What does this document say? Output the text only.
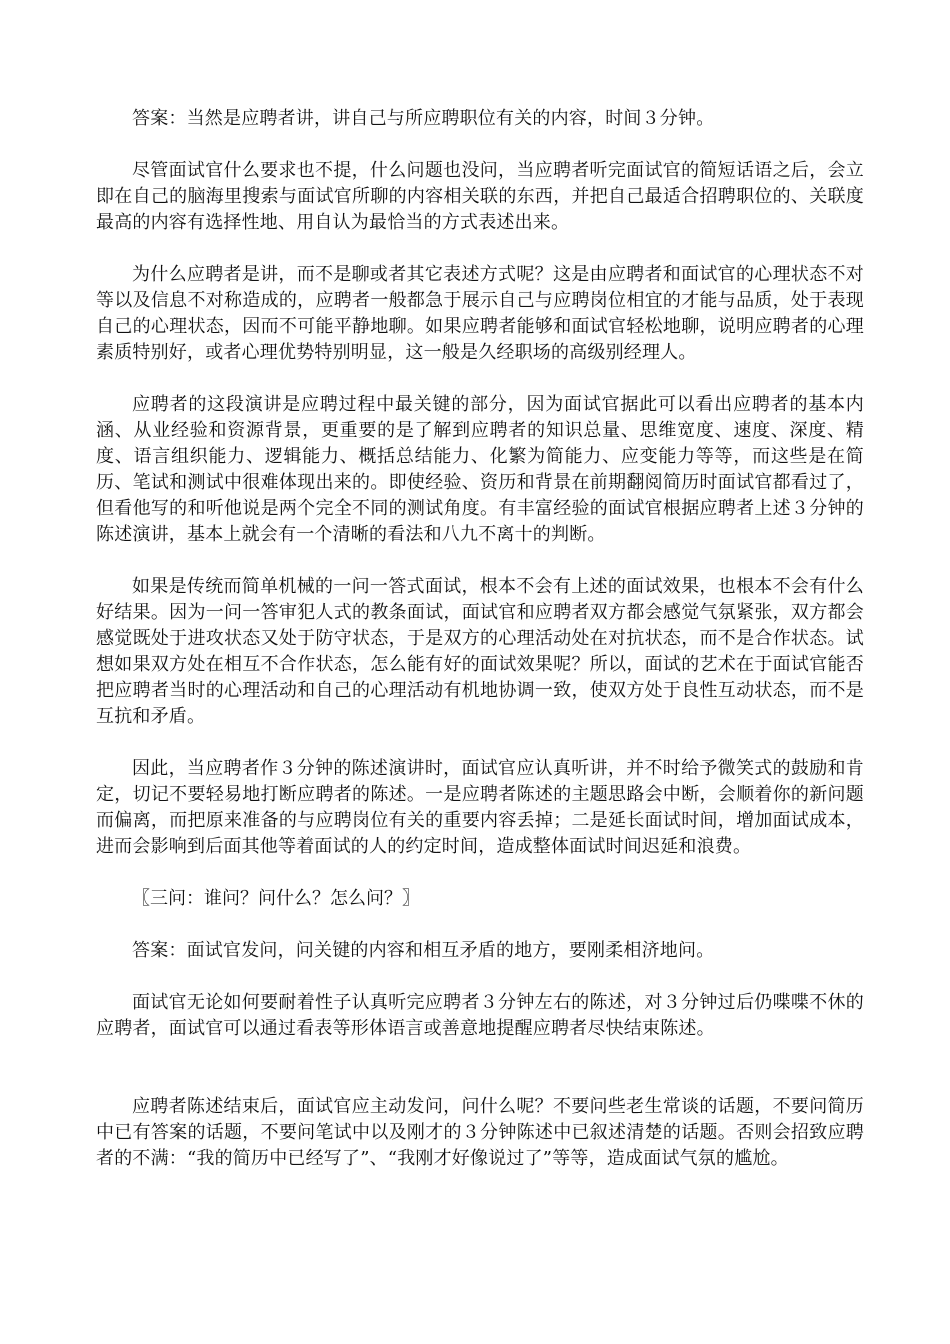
答案：当然是应聘者讲，讲自己与所应聘职位有关的内容，时间３分钟。

尽管面试官什么要求也不提，什么问题也没问，当应聘者听完面试官的简短话语之后，会立即在自己的脑海里搜索与面试官所聊的内容相关联的东西，并把自己最适合招聘职位的、关联度最高的内容有选择性地、用自认为最恰当的方式表述出来。

为什么应聘者是讲，而不是聊或者其它表述方式呢？这是由应聘者和面试官的心理状态不对等以及信息不对称造成的，应聘者一般都急于展示自己与应聘岗位相宜的才能与品质，处于表现自己的心理状态，因而不可能平静地聊。如果应聘者能够和面试官轻松地聊，说明应聘者的心理素质特别好，或者心理优势特别明显，这一般是久经职场的高级别经理人。

应聘者的这段演讲是应聘过程中最关键的部分，因为面试官据此可以看出应聘者的基本内涵、从业经验和资源背景，更重要的是了解到应聘者的知识总量、思维宽度、速度、深度、精度、语言组织能力、逻辑能力、概括总结能力、化繁为简能力、应变能力等等，而这些是在简历、笔试和测试中很难体现出来的。即使经验、资历和背景在前期翻阅简历时面试官都看过了，但看他写的和听他说是两个完全不同的测试角度。有丰富经验的面试官根据应聘者上述３分钟的陈述演讲，基本上就会有一个清晰的看法和八九不离十的判断。

如果是传统而简单机械的一问一答式面试，根本不会有上述的面试效果，也根本不会有什么好结果。因为一问一答审犯人式的教条面试，面试官和应聘者双方都会感觉气氛紧张，双方都会感觉既处于进攻状态又处于防守状态，于是双方的心理活动处在对抗状态，而不是合作状态。试想如果双方处在相互不合作状态，怎么能有好的面试效果呢？所以，面试的艺术在于面试官能否把应聘者当时的心理活动和自己的心理活动有机地协调一致，使双方处于良性互动状态，而不是互抗和矛盾。

因此，当应聘者作３分钟的陈述演讲时，面试官应认真听讲，并不时给予微笑式的鼓励和肯定，切记不要轻易地打断应聘者的陈述。一是应聘者陈述的主题思路会中断，会顺着你的新问题而偏离，而把原来准备的与应聘岗位有关的重要内容丢掉；二是延长面试时间，增加面试成本，进而会影响到后面其他等着面试的人的约定时间，造成整体面试时间迟延和浪费。

〖三问：谁问？问什么？怎么问？〗

答案：面试官发问，问关键的内容和相互矛盾的地方，要刚柔相济地问。

面试官无论如何要耐着性子认真听完应聘者３分钟左右的陈述，对３分钟过后仍喋喋不休的应聘者，面试官可以通过看表等形体语言或善意地提醒应聘者尽快结束陈述。

应聘者陈述结束后，面试官应主动发问，问什么呢？不要问些老生常谈的话题，不要问简历中已有答案的话题，不要问笔试中以及刚才的３分钟陈述中已叙述清楚的话题。否则会招致应聘者的不满：“我的简历中已经写了”、“我刚才好像说过了”等等，造成面试气氛的尴尬。
